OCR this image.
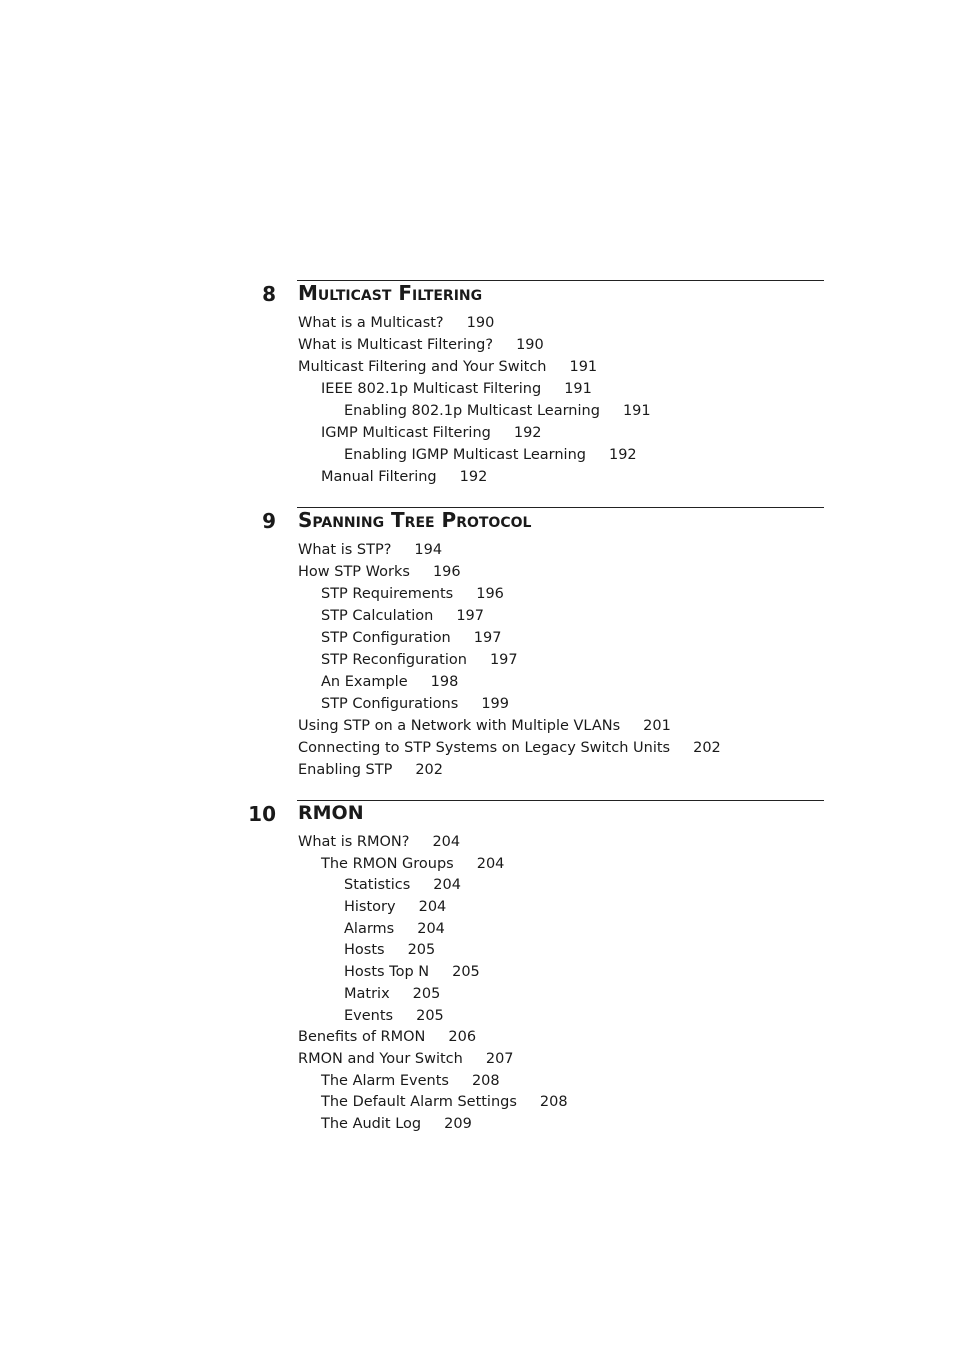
8 Multicast Filtering
What is a Multicast? 190
What is Multicast Filtering? 190
Multicast Filtering and Your Switch 191
IEEE 802.1p Multicast Filtering 191
Enabling 802.1p Multicast Learning 191
IGMP Multicast Filtering 192
Enabling IGMP Multicast Learning 192
Manual Filtering 192
9 Spanning Tree Protocol
What is STP? 194
How STP Works 196
STP Requirements 196
STP Calculation 197
STP Configuration 197
STP Reconfiguration 197
An Example 198
STP Configurations 199
Using STP on a Network with Multiple VLANs 201
Connecting to STP Systems on Legacy Switch Units 202
Enabling STP 202
10 RMON
What is RMON? 204
The RMON Groups 204
Statistics 204
History 204
Alarms 204
Hosts 205
Hosts Top N 205
Matrix 205
Events 205
Benefits of RMON 206
RMON and Your Switch 207
The Alarm Events 208
The Default Alarm Settings 208
The Audit Log 209
